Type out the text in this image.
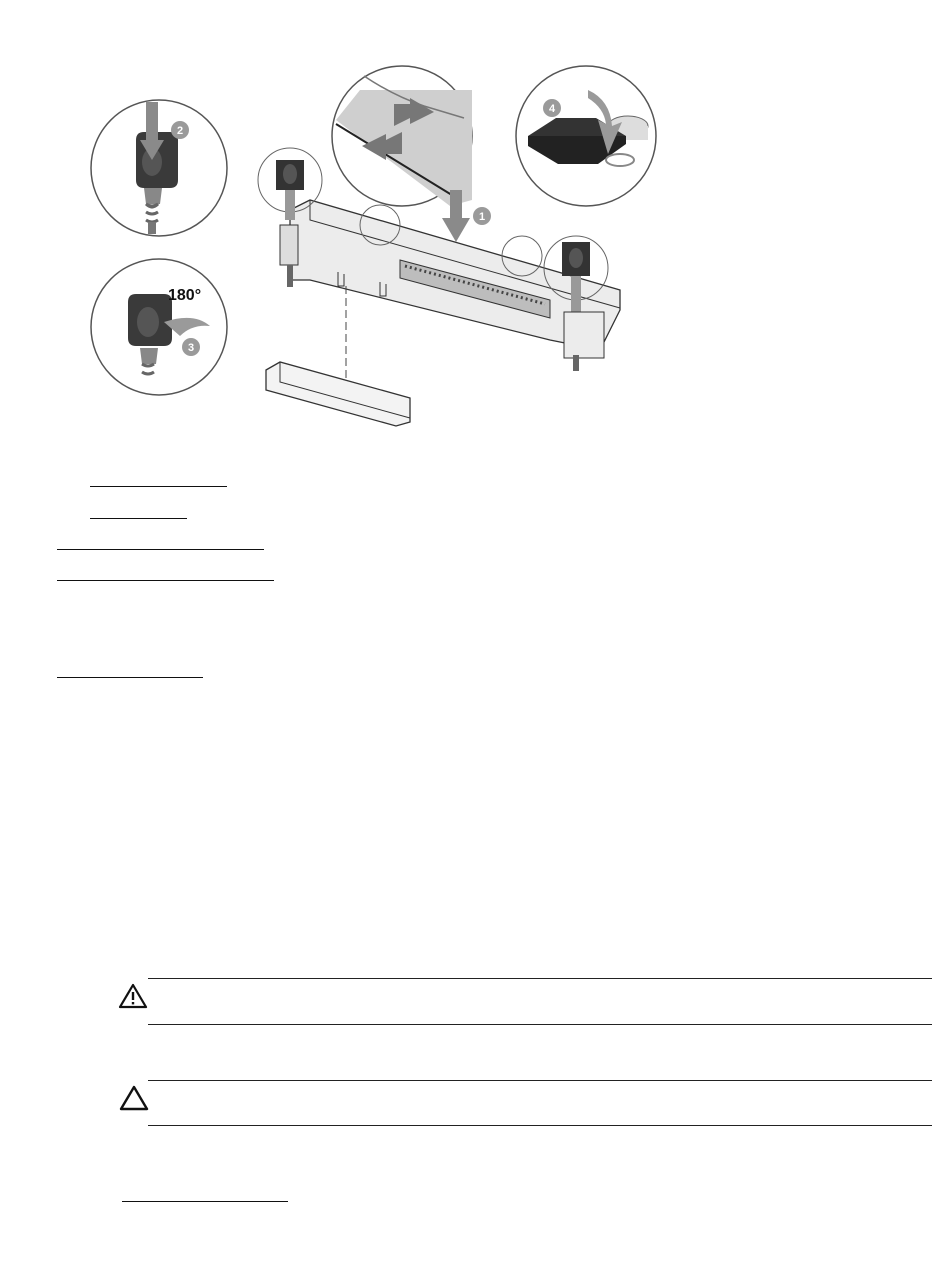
2
180°
3
4
1
